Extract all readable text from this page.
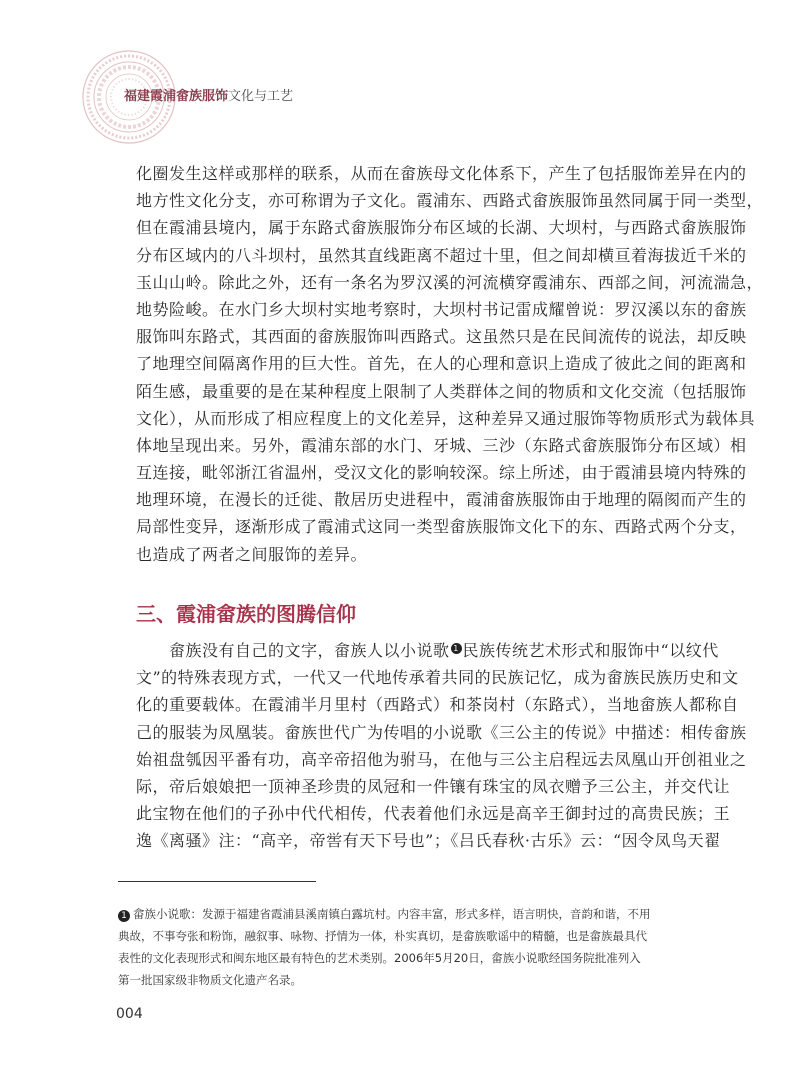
福建霞浦畲族服饰文化与工艺
化圈发生这样或那样的联系，从而在畲族母文化体系下，产生了包括服饰差异在内的
地方性文化分支，亦可称谓为子文化。霞浦东、西路式畲族服饰虽然同属于同一类型，
但在霞浦县境内，属于东路式畲族服饰分布区域的长湖、大坝村，与西路式畲族服饰
分布区域内的八斗坝村，虽然其直线距离不超过十里，但之间却横亘着海拔近千米的
玉山山岭。除此之外，还有一条名为罗汉溪的河流横穿霞浦东、西部之间，河流湍急，
地势险峻。在水门乡大坝村实地考察时，大坝村书记雷成耀曾说：罗汉溪以东的畲族
服饰叫东路式，其西面的畲族服饰叫西路式。这虽然只是在民间流传的说法，却反映
了地理空间隔离作用的巨大性。首先，在人的心理和意识上造成了彼此之间的距离和
陌生感，最重要的是在某种程度上限制了人类群体之间的物质和文化交流（包括服饰
文化），从而形成了相应程度上的文化差异，这种差异又通过服饰等物质形式为载体具
体地呈现出来。另外，霞浦东部的水门、牙城、三沙（东路式畲族服饰分布区域）相
互连接，毗邻浙江省温州，受汉文化的影响较深。综上所述，由于霞浦县境内特殊的
地理环境，在漫长的迁徙、散居历史进程中，霞浦畲族服饰由于地理的隔阂而产生的
局部性变异，逐渐形成了霞浦式这同一类型畲族服饰文化下的东、西路式两个分支，
也造成了两者之间服饰的差异。
三、霞浦畲族的图腾信仰
　　畲族没有自己的文字，畲族人以小说歌 1 民族传统艺术形式和服饰中“以纹代
文”的特殊表现方式，一代又一代地传承着共同的民族记忆，成为畲族民族历史和文
化的重要载体。在霞浦半月里村（西路式）和茶岗村（东路式），当地畲族人都称自
己的服装为凤凰装。畲族世代广为传唱的小说歌《三公主的传说》中描述：相传畲族
始祖盘瓠因平番有功，高辛帝招他为驸马，在他与三公主启程远去凤凰山开创祖业之
际，帝后娘娘把一顶神圣珍贵的凤冠和一件镶有珠宝的凤衣赠予三公主，并交代让
此宝物在他们的子孙中代代相传，代表着他们永远是高辛王御封过的高贵民族；王
逸《离骚》注：“高辛，帝喾有天下号也”；《吕氏春秋·古乐》云：“因令凤鸟天翟
1 畲族小说歌：发源于福建省霞浦县溪南镇白露坑村。内容丰富，形式多样，语言明快，音韵和谐，不用
典故，不事夸张和粉饰，融叙事、咏物、抒情为一体，朴实真切，是畲族歌谣中的精髓，也是畲族最具代
表性的文化表现形式和闽东地区最有特色的艺术类别。2006年5月20日，畲族小说歌经国务院批准列入
第一批国家级非物质文化遗产名录。
004
